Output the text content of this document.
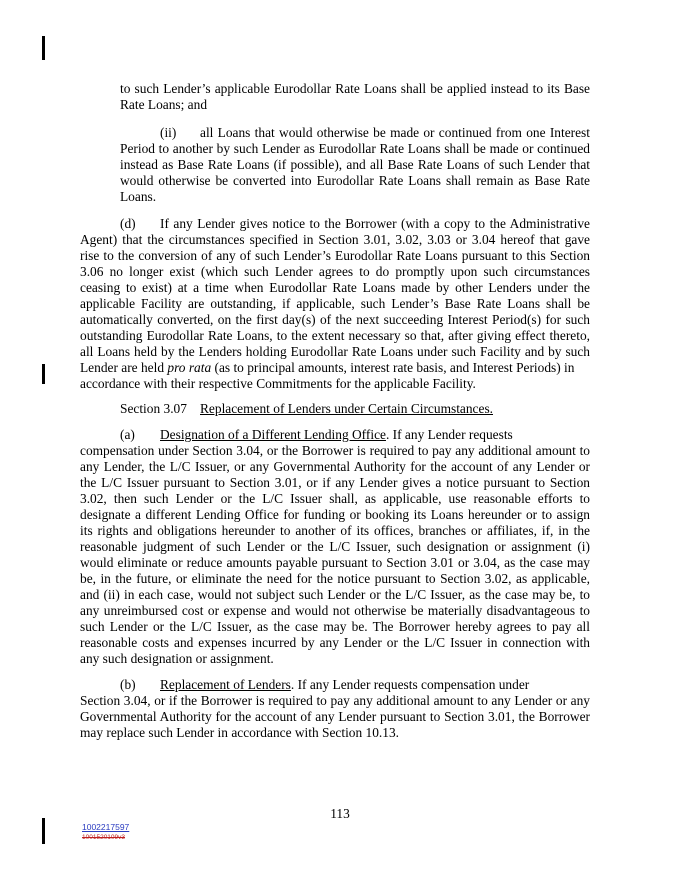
to such Lender’s applicable Eurodollar Rate Loans shall be applied instead to its Base
Rate Loans; and
(ii) all Loans that would otherwise be made or continued from one Interest
Period to another by such Lender as Eurodollar Rate Loans shall be made or continued
instead as Base Rate Loans (if possible), and all Base Rate Loans of such Lender that
would otherwise be converted into Eurodollar Rate Loans shall remain as Base Rate
Loans.
(d) If any Lender gives notice to the Borrower (with a copy to the Administrative
Agent) that the circumstances specified in Section 3.01, 3.02, 3.03 or 3.04 hereof that gave
rise to the conversion of any of such Lender’s Eurodollar Rate Loans pursuant to this Section
3.06 no longer exist (which such Lender agrees to do promptly upon such circumstances
ceasing to exist) at a time when Eurodollar Rate Loans made by other Lenders under the
applicable Facility are outstanding, if applicable, such Lender’s Base Rate Loans shall be
automatically converted, on the first day(s) of the next succeeding Interest Period(s) for such
outstanding Eurodollar Rate Loans, to the extent necessary so that, after giving effect thereto,
all Loans held by the Lenders holding Eurodollar Rate Loans under such Facility and by such
Lender are held pro rata (as to principal amounts, interest rate basis, and Interest Periods) in
accordance with their respective Commitments for the applicable Facility.
Section 3.07 Replacement of Lenders under Certain Circumstances.
(a) Designation of a Different Lending Office. If any Lender requests
compensation under Section 3.04, or the Borrower is required to pay any additional amount to
any Lender, the L/C Issuer, or any Governmental Authority for the account of any Lender or
the L/C Issuer pursuant to Section 3.01, or if any Lender gives a notice pursuant to Section
3.02, then such Lender or the L/C Issuer shall, as applicable, use reasonable efforts to
designate a different Lending Office for funding or booking its Loans hereunder or to assign
its rights and obligations hereunder to another of its offices, branches or affiliates, if, in the
reasonable judgment of such Lender or the L/C Issuer, such designation or assignment (i)
would eliminate or reduce amounts payable pursuant to Section 3.01 or 3.04, as the case may
be, in the future, or eliminate the need for the notice pursuant to Section 3.02, as applicable,
and (ii) in each case, would not subject such Lender or the L/C Issuer, as the case may be, to
any unreimbursed cost or expense and would not otherwise be materially disadvantageous to
such Lender or the L/C Issuer, as the case may be. The Borrower hereby agrees to pay all
reasonable costs and expenses incurred by any Lender or the L/C Issuer in connection with
any such designation or assignment.
(b) Replacement of Lenders. If any Lender requests compensation under
Section 3.04, or if the Borrower is required to pay any additional amount to any Lender or any
Governmental Authority for the account of any Lender pursuant to Section 3.01, the Borrower
may replace such Lender in accordance with Section 10.13.
113
1002217597
1001520109v3
